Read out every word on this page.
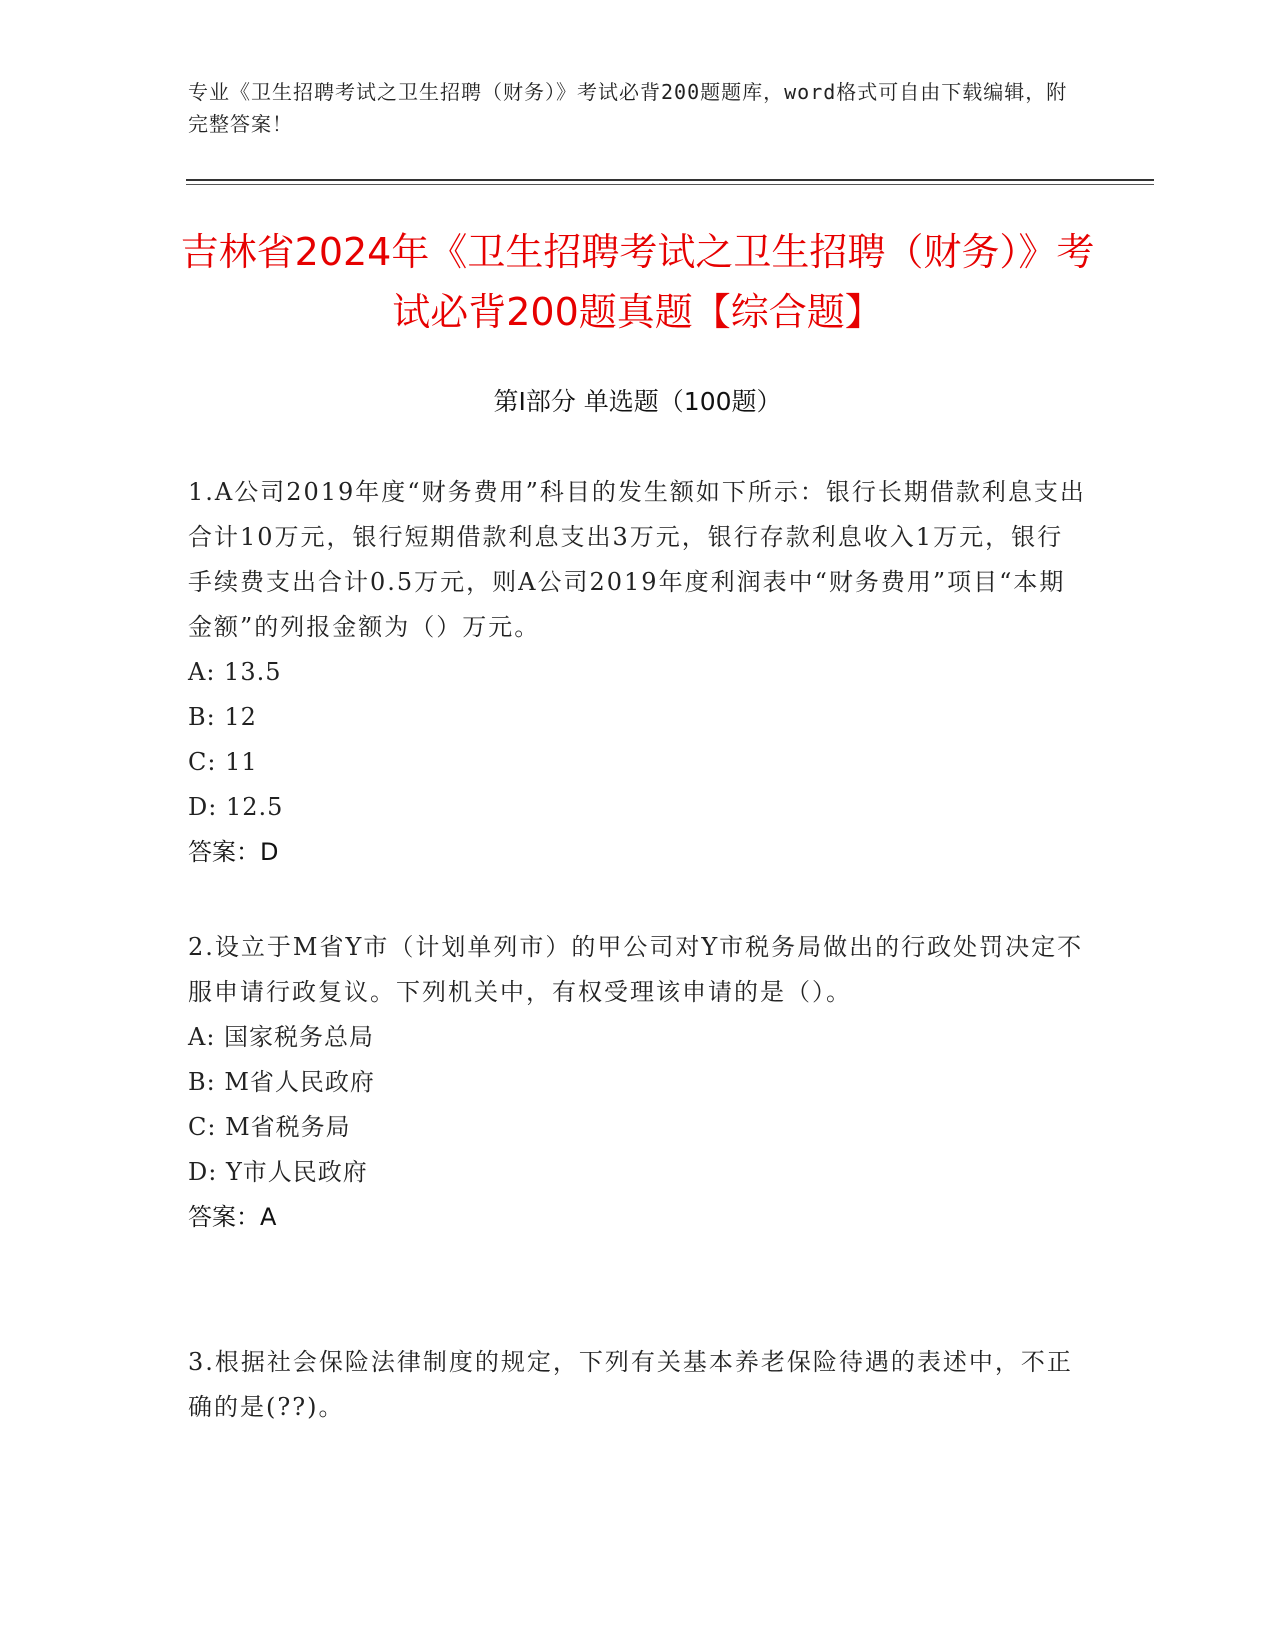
专业《卫生招聘考试之卫生招聘（财务）》考试必背200题题库，word格式可自由下载编辑，附完整答案！
吉林省2024年《卫生招聘考试之卫生招聘（财务）》考试必背200题真题【综合题】
第Ⅰ部分 单选题（100题）
1.A公司2019年度“财务费用”科目的发生额如下所示：银行长期借款利息支出合计10万元，银行短期借款利息支出3万元，银行存款利息收入1万元，银行手续费支出合计0.5万元，则A公司2019年度利润表中“财务费用”项目“本期金额”的列报金额为（）万元。
A: 13.5
B: 12
C: 11
D: 12.5
答案：D
2.设立于M省Y市（计划单列市）的甲公司对Y市税务局做出的行政处罚决定不服申请行政复议。下列机关中，有权受理该申请的是（）。
A: 国家税务总局
B: M省人民政府
C: M省税务局
D: Y市人民政府
答案：A
3.根据社会保险法律制度的规定，下列有关基本养老保险待遇的表述中，不正确的是(??)。
